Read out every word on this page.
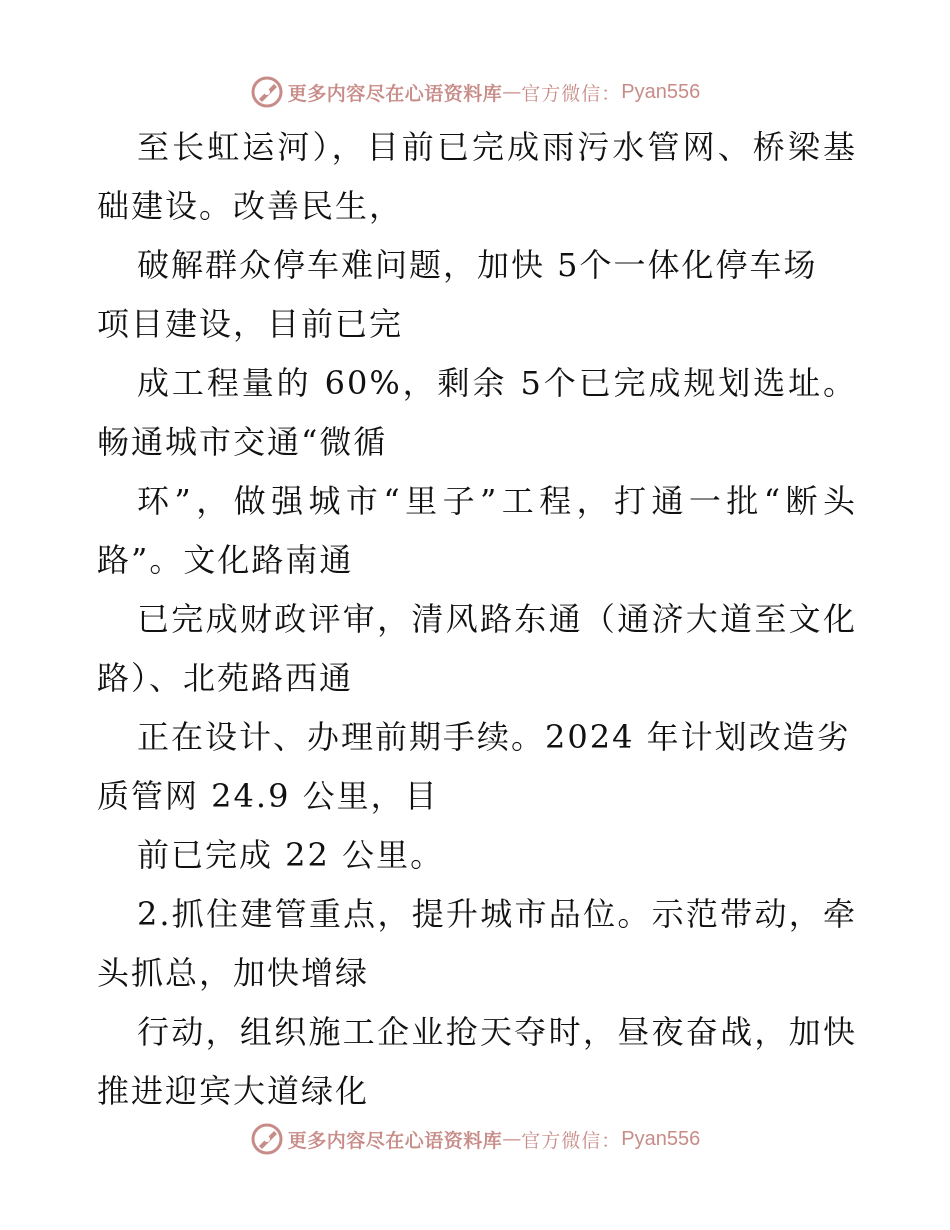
更多内容尽在心语资料库 — 官方微信： Pyan556
至长虹运河），目前已完成雨污水管网、桥梁基
础建设。改善民生，
破解群众停车难问题，加快 5个一体化停车场
项目建设，目前已完
成工程量的 60%，剩余 5个已完成规划选址。
畅通城市交通“微循
环”，做强城市“里子”工程，打通一批“断头
路”。文化路南通
已完成财政评审，清风路东通（通济大道至文化
路）、北苑路西通
正在设计、办理前期手续。2024 年计划改造劣
质管网 24.9 公里，目
前已完成 22 公里。
2.抓住建管重点，提升城市品位。示范带动，牵
头抓总，加快增绿
行动，组织施工企业抢天夺时，昼夜奋战，加快
推进迎宾大道绿化
更多内容尽在心语资料库 — 官方微信： Pyan556
